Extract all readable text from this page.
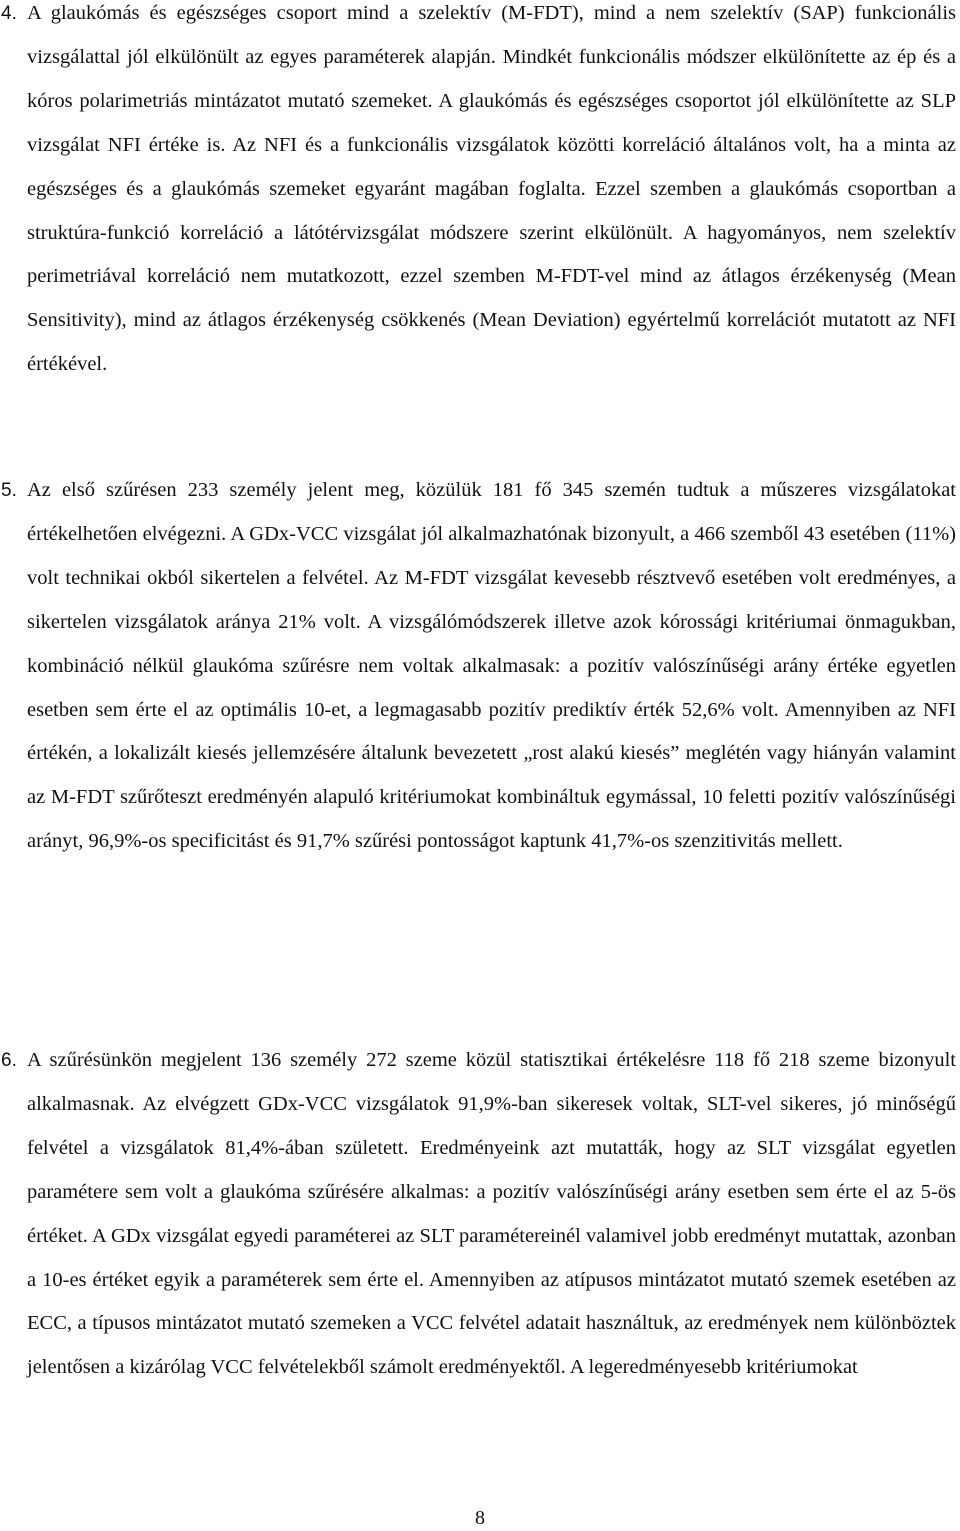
4. A glaukómás és egészséges csoport mind a szelektív (M-FDT), mind a nem szelektív (SAP) funkcionális vizsgálattal jól elkülönült az egyes paraméterek alapján. Mindkét funkcionális módszer elkülönítette az ép és a kóros polarimetriás mintázatot mutató szemeket. A glaukómás és egészséges csoportot jól elkülönítette az SLP vizsgálat NFI értéke is. Az NFI és a funkcionális vizsgálatok közötti korreláció általános volt, ha a minta az egészséges és a glaukómás szemeket egyaránt magában foglalta. Ezzel szemben a glaukómás csoportban a struktúra-funkció korreláció a látótérvizsgálat módszere szerint elkülönült. A hagyományos, nem szelektív perimetriával korreláció nem mutatkozott, ezzel szemben M-FDT-vel mind az átlagos érzékenység (Mean Sensitivity), mind az átlagos érzékenység csökkenés (Mean Deviation) egyértelmű korrelációt mutatott az NFI értékével.

5. Az első szűrésen 233 személy jelent meg, közülük 181 fő 345 szemén tudtuk a műszeres vizsgálatokat értékelhetően elvégezni. A GDx-VCC vizsgálat jól alkalmazhatónak bizonyult, a 466 szemből 43 esetében (11%) volt technikai okból sikertelen a felvétel. Az M-FDT vizsgálat kevesebb résztvevő esetében volt eredményes, a sikertelen vizsgálatok aránya 21% volt. A vizsgálómódszerek illetve azok kórossági kritériumai önmagukban, kombináció nélkül glaukóma szűrésre nem voltak alkalmasak: a pozitív valószínűségi arány értéke egyetlen esetben sem érte el az optimális 10-et, a legmagasabb pozitív prediktív érték 52,6% volt. Amennyiben az NFI értékén, a lokalizált kiesés jellemzésére általunk bevezetett „rost alakú kiesés” meglétén vagy hiányán valamint az M-FDT szűrőteszt eredményén alapuló kritériumokat kombináltuk egymással, 10 feletti pozitív valószínűségi arányt, 96,9%-os specificitást és 91,7% szűrési pontosságot kaptunk 41,7%-os szenzitivitás mellett.

6. A szűrésünkön megjelent 136 személy 272 szeme közül statisztikai értékelésre 118 fő 218 szeme bizonyult alkalmasnak. Az elvégzett GDx-VCC vizsgálatok 91,9%-ban sikeresek voltak, SLT-vel sikeres, jó minőségű felvétel a vizsgálatok 81,4%-ában született. Eredményeink azt mutatták, hogy az SLT vizsgálat egyetlen paramétere sem volt a glaukóma szűrésére alkalmas: a pozitív valószínűségi arány esetben sem érte el az 5-ös értéket. A GDx vizsgálat egyedi paraméterei az SLT paramétereinél valamivel jobb eredményt mutattak, azonban a 10-es értéket egyik a paraméterek sem érte el. Amennyiben az atípusos mintázatot mutató szemek esetében az ECC, a típusos mintázatot mutató szemeken a VCC felvétel adatait használtuk, az eredmények nem különböztek jelentősen a kizárólag VCC felvételekből számolt eredményektől. A legeredményesebb kritériumokat

8
